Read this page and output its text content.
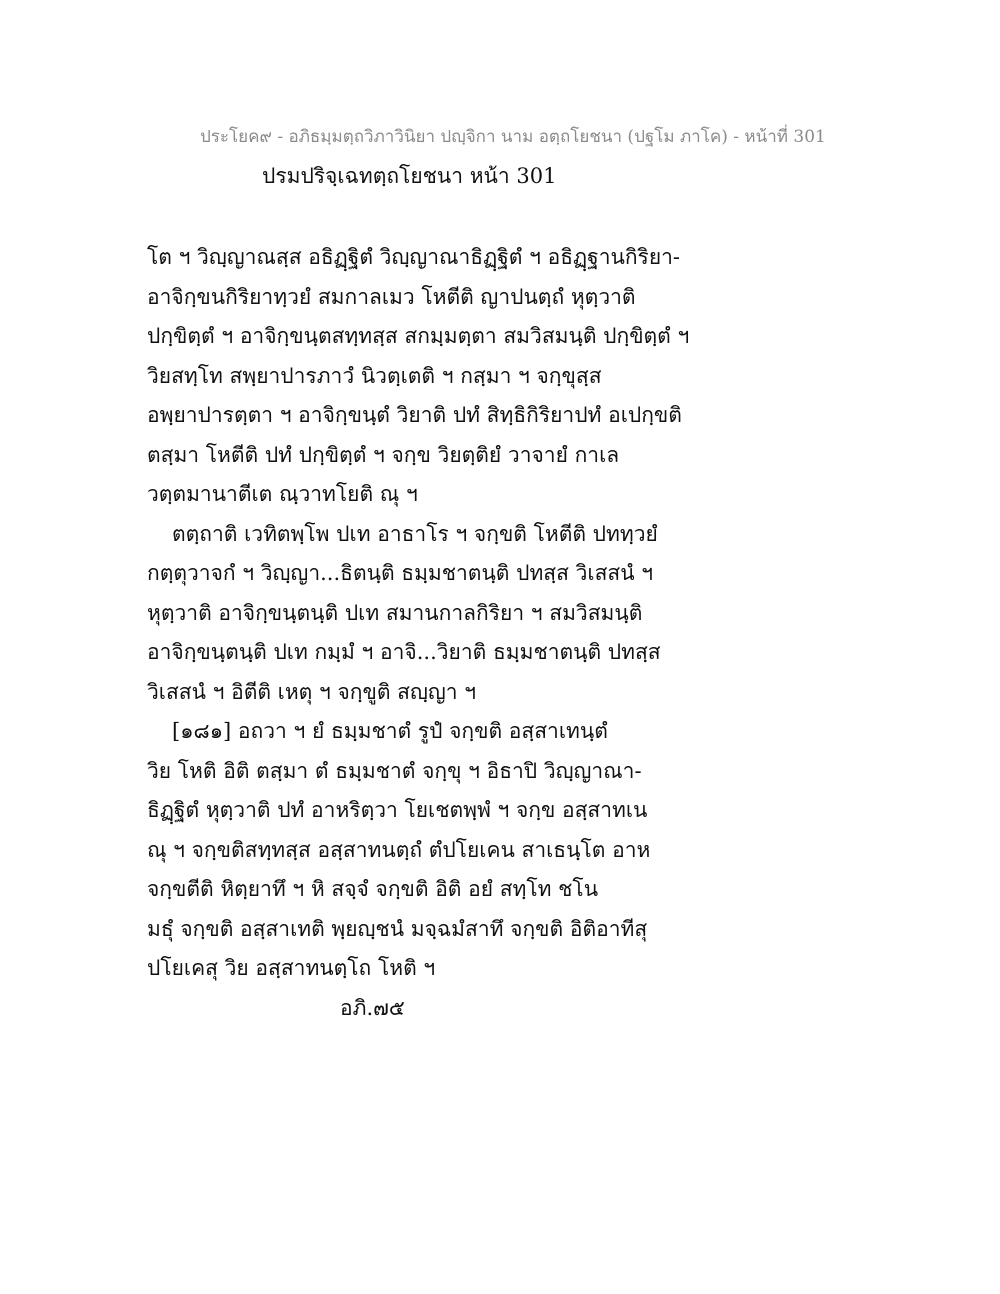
ประโยค๙ - อภิธมฺมตฺถวิภาวินิยา ปญฺจิกา นาม อตฺถโยชนา (ปฐโม ภาโค) - หน้าที่ 301
ปรมปริจฺเฉทตฺถโยชนา หน้า 301
โต ฯ วิญฺญาณสฺส อธิฏฺฐิตํ วิญฺญาณาธิฏฺฐิตํ ฯ อธิฏฺฐานกิริยา-
อาจิกฺขนกิริยาทฺวยํ สมกาลเมว โหตีติ ญาปนตฺถํ หุตฺวาติ
ปกฺขิตฺตํ ฯ อาจิกฺขนฺตสทฺทสฺส สกมฺมตฺตา สมวิสมนฺติ ปกฺขิตฺตํ ฯ
วิยสทฺโท สพฺยาปารภาวํ นิวตฺเตติ ฯ กสฺมา ฯ จกฺขุสฺส
อพฺยาปารตฺตา ฯ อาจิกฺขนฺตํ วิยาติ ปทํ สิทฺธิกิริยาปทํ อเปกฺขติ
ตสฺมา โหตีติ ปทํ ปกฺขิตฺตํ ฯ จกฺข วิยตฺติยํ วาจายํ กาเล
วตฺตมานาตีเต ณฺวาทโยติ ณุ ฯ
ตตฺถาติ เวทิตพฺโพ ปเท อาธาโร ฯ จกฺขติ โหตีติ ปททฺวยํ
กตฺตุวาจกํ ฯ วิญฺญา...ธิตนฺติ ธมฺมชาตนฺติ ปทสฺส วิเสสนํ ฯ
หุตฺวาติ อาจิกฺขนฺตนฺติ ปเท สมานกาลกิริยา ฯ สมวิสมนฺติ
อาจิกฺขนฺตนฺติ ปเท กมฺมํ ฯ อาจิ...วิยาติ ธมฺมชาตนฺติ ปทสฺส
วิเสสนํ ฯ อิตีติ เหตุ ฯ จกฺขูติ สญฺญา ฯ
[๑๘๑] อถวา ฯ ยํ ธมฺมชาตํ รูปํ จกฺขติ อสฺสาเทนฺตํ
วิย โหติ อิติ ตสฺมา ตํ ธมฺมชาตํ จกฺขุ ฯ อิธาปิ วิญฺญาณา-
ธิฏฺฐิตํ หุตฺวาติ ปทํ อาหริตฺวา โยเชตพฺพํ ฯ จกฺข อสฺสาทเน
ณุ ฯ จกฺขติสทฺทสฺส อสฺสาทนตฺถํ ตํปโยเคน สาเธนฺโต อาห
จกฺขตีติ หิตฺยาทึ ฯ หิ สจฺจํ จกฺขติ อิติ อยํ สทฺโท ชโน
มธุํ จกฺขติ อสฺสาเทติ พฺยญฺชนํ มจฺฉมํสาทึ จกฺขติ อิติอาทีสุ
ปโยเคสุ วิย อสฺสาทนตฺโถ โหติ ฯ
อภิ.๗๕
